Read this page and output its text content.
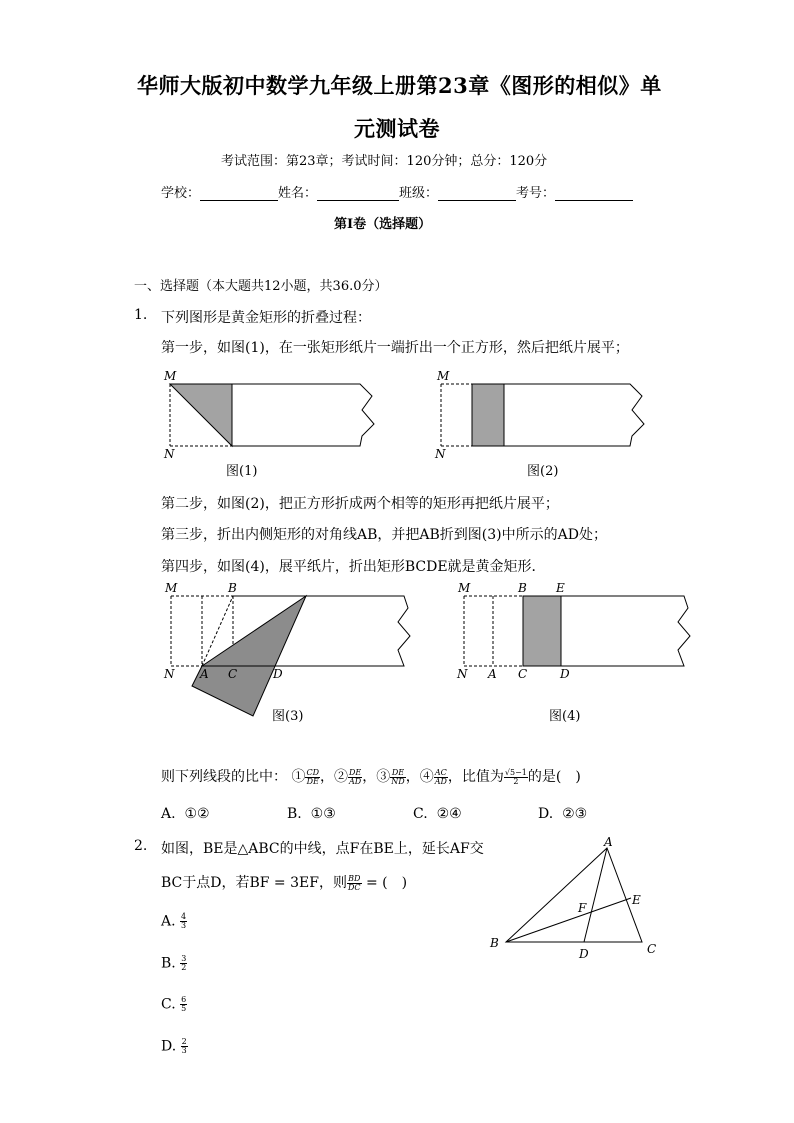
华师大版初中数学九年级上册第23章《图形的相似》单
元测试卷
考试范围：第23章；考试时间：120分钟；总分：120分
学校：	姓名：	班级：	考号：
第I卷（选择题）
一、选择题（本大题共12小题，共36.0分）
1. 下列图形是黄金矩形的折叠过程：
第一步，如图(1)，在一张矩形纸片一端折出一个正方形，然后把纸片展平；
M
N
图(1)
M
N
图(2)
第二步，如图(2)，把正方形折成两个相等的矩形再把纸片展平；
第三步，折出内侧矩形的对角线AB，并把AB折到图(3)中所示的AD处；
第四步，如图(4)，展平纸片，折出矩形BCDE就是黄金矩形．
M	B
N A C	D
图(3)
M	B E
N A C	D
图(4)
则下列线段的比中： ① $\frac{CD}{DE}$ ，② $\frac{DE}{AD}$ ，③ $\frac{DE}{ND}$ ，④ $\frac{AC}{AD}$ ，比值为 $\frac{√5-1}{2}$ 的是(　)
A. ①②	B. ①③	C. ②④	D. ②③
2. 如图，BE是△ABC的中线，点F在BE上，延长AF交
BC于点D，若BF = 3EF，则 $\frac{BD}{DC}$ = (　)
A. $\frac{4}{3}$
B. $\frac{3}{2}$
C. $\frac{6}{5}$
D. $\frac{2}{3}$
A
B	C
D
E
F
